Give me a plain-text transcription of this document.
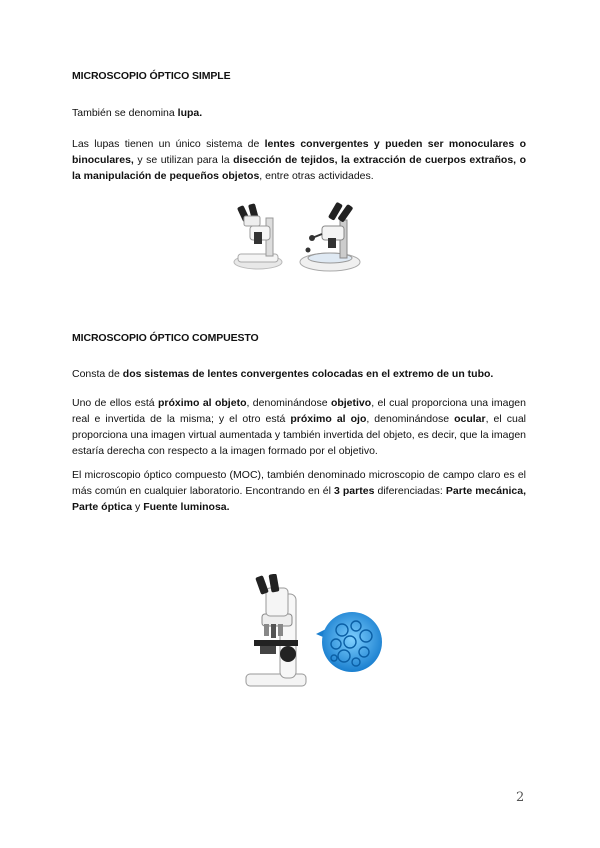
MICROSCOPIO ÓPTICO SIMPLE

También se denomina lupa.

Las lupas tienen un único sistema de lentes convergentes y pueden ser monoculares o binoculares, y se utilizan para la disección de tejidos, la extracción de cuerpos extraños, o la manipulación de pequeños objetos, entre otras actividades.

MICROSCOPIO ÓPTICO COMPUESTO

Consta de dos sistemas de lentes convergentes colocadas en el extremo de un tubo.

Uno de ellos está próximo al objeto, denominándose objetivo, el cual proporciona una imagen real e invertida de la misma; y el otro está próximo al ojo, denominándose ocular, el cual proporciona una imagen virtual aumentada y también invertida del objeto, es decir, que la imagen estaría derecha con respecto a la imagen formado por el objetivo.

El microscopio óptico compuesto (MOC), también denominado microscopio de campo claro es el más común en cualquier laboratorio. Encontrando en él 3 partes diferenciadas: Parte mecánica, Parte óptica y Fuente luminosa.

2
